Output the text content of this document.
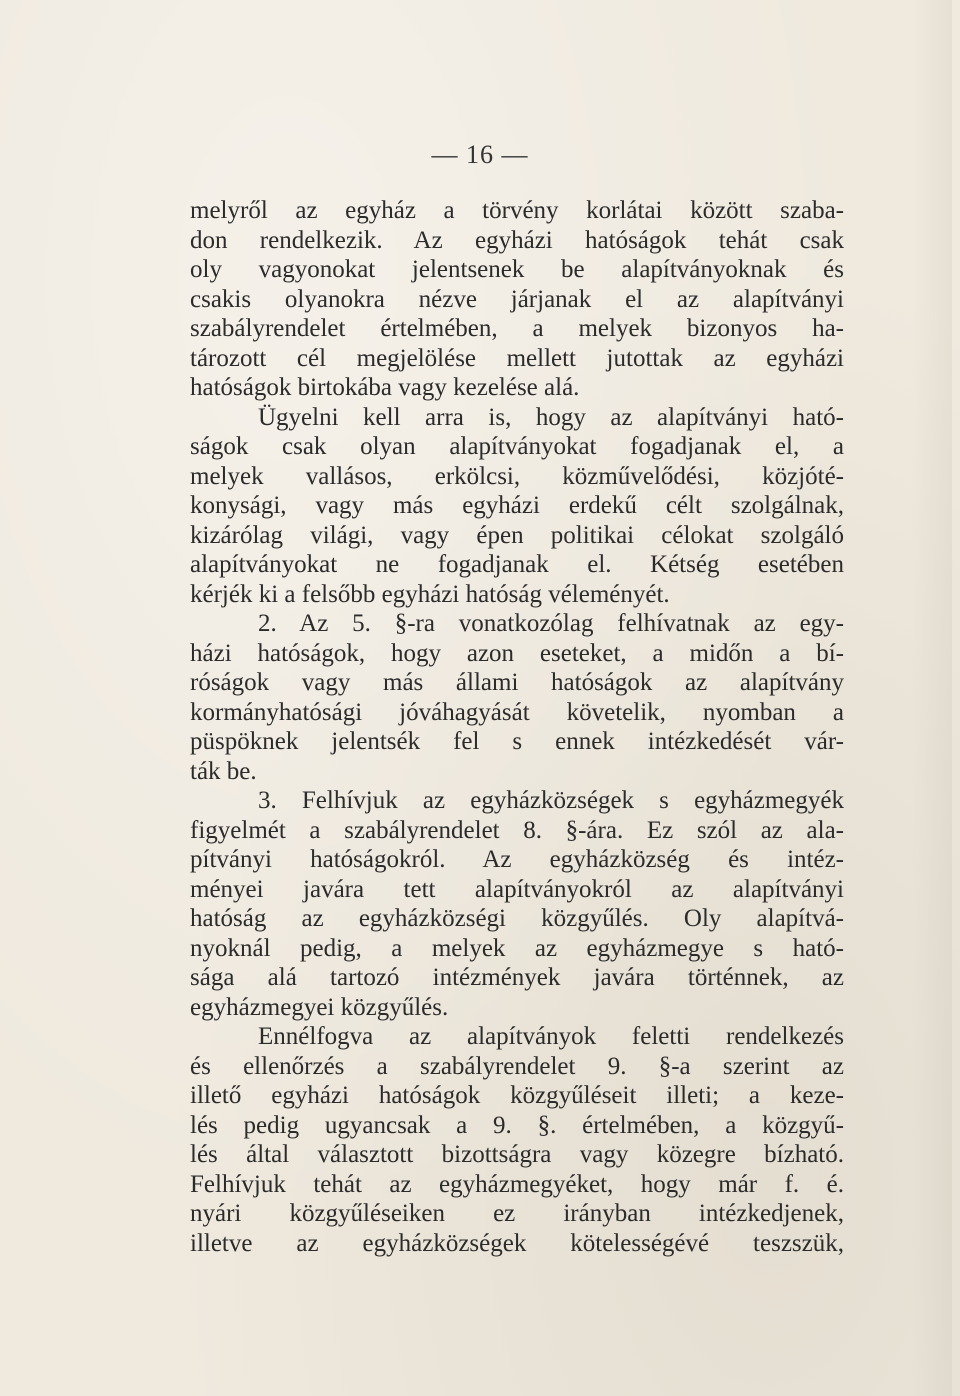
— 16 —
melyről az egyház a törvény korlátai között szaba-
don rendelkezik. Az egyházi hatóságok tehát csak
oly vagyonokat jelentsenek be alapítványoknak és
csakis olyanokra nézve járjanak el az alapítványi
szabályrendelet értelmében, a melyek bizonyos ha-
tározott cél megjelölése mellett jutottak az egyházi
hatóságok birtokába vagy kezelése alá.
Ügyelni kell arra is, hogy az alapítványi ható-
ságok csak olyan alapítványokat fogadjanak el, a
melyek vallásos, erkölcsi, közművelődési, közjóté-
konysági, vagy más egyházi erdekű célt szolgálnak,
kizárólag világi, vagy épen politikai célokat szolgáló
alapítványokat ne fogadjanak el. Kétség esetében
kérjék ki a felsőbb egyházi hatóság véleményét.
2. Az 5. §-ra vonatkozólag felhívatnak az egy-
házi hatóságok, hogy azon eseteket, a midőn a bí-
róságok vagy más állami hatóságok az alapítvány
kormányhatósági jóváhagyását követelik, nyomban a
püspöknek jelentsék fel s ennek intézkedését vár-
ták be.
3. Felhívjuk az egyházközségek s egyházmegyék
figyelmét a szabályrendelet 8. §-ára. Ez szól az ala-
pítványi hatóságokról. Az egyházközség és intéz-
ményei javára tett alapítványokról az alapítványi
hatóság az egyházközségi közgyűlés. Oly alapítvá-
nyoknál pedig, a melyek az egyházmegye s ható-
sága alá tartozó intézmények javára történnek, az
egyházmegyei közgyűlés.
Ennélfogva az alapítványok feletti rendelkezés
és ellenőrzés a szabályrendelet 9. §-a szerint az
illető egyházi hatóságok közgyűléseit illeti; a keze-
lés pedig ugyancsak a 9. §. értelmében, a közgyű-
lés által választott bizottságra vagy közegre bízható.
Felhívjuk tehát az egyházmegyéket, hogy már f. é.
nyári közgyűléseiken ez irányban intézkedjenek,
illetve az egyházközségek kötelességévé teszszük,
